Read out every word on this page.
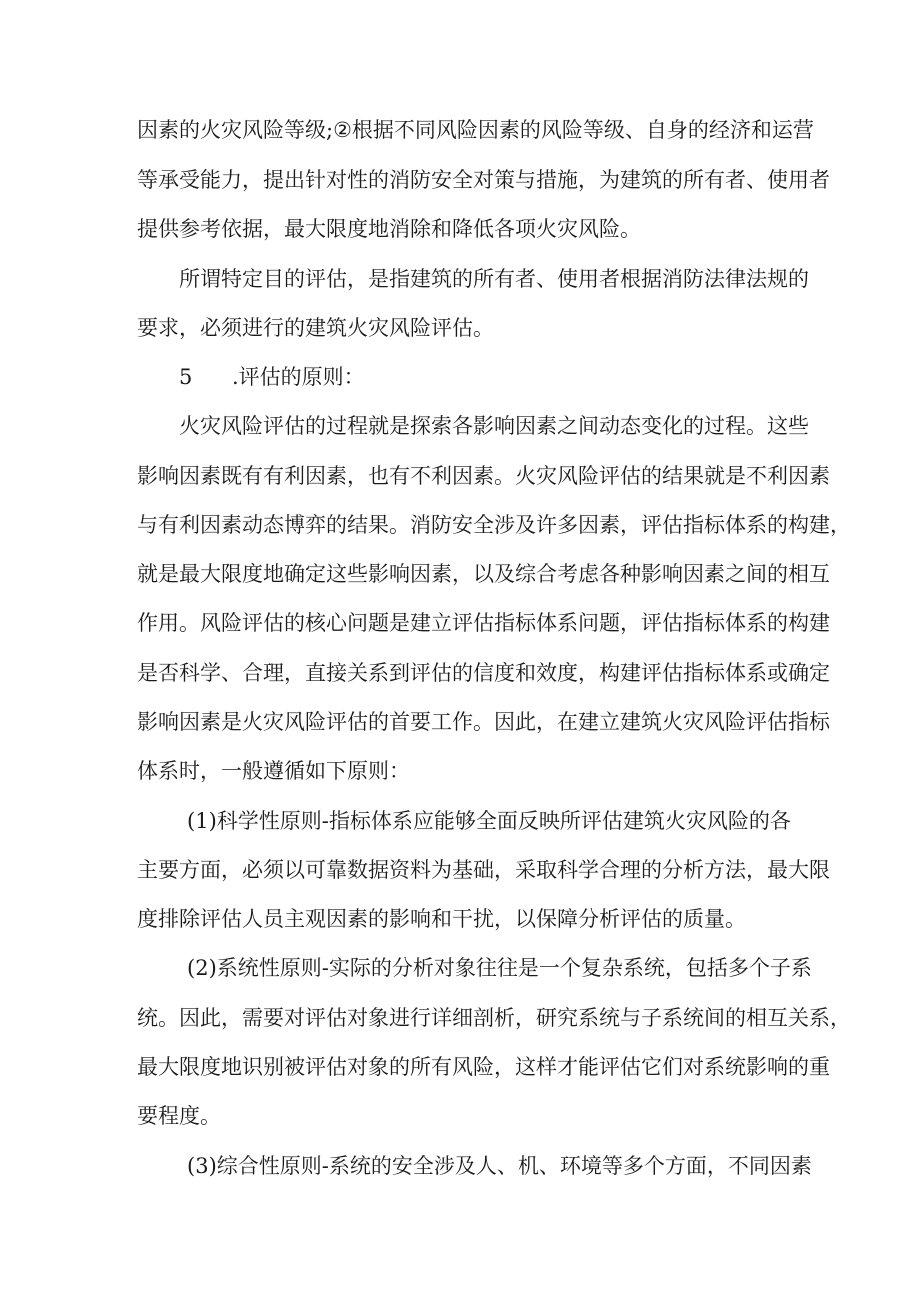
因 素 的 火 灾 风 险 等 级 ; ② 根 据 不 同 风 险 因 素 的 风 险 等 级 、 自 身 的 经 济 和 运 营
等 承 受 能 力 ， 提 出 针 对 性 的 消 防 安 全 对 策 与 措 施 ， 为 建 筑 的 所 有 者 、 使 用 者
提供参考依据，最大限度地消除和降低各项火灾风险。
所谓特定目的评估，是指建筑的所有者、使用者根据消防法律法规的
要求，必须进行的建筑火灾风险评估。
5 .评估的原则：
火 灾 风 险 评 估 的 过 程 就 是 探 索 各 影 响 因 素 之 间 动 态 变 化 的 过 程 。 这 些
影 响 因 素 既 有 有 利 因 素 ， 也 有 不 利 因 素 。 火 灾 风 险 评 估 的 结 果 就 是 不 利 因 素
与 有 利 因 素 动 态 博 弈 的 结 果 。 消 防 安 全 涉 及 许 多 因 素 ， 评 估 指 标 体 系 的 构 建 ，
就 是 最 大 限 度 地 确 定 这 些 影 响 因 素 ， 以 及 综 合 考 虑 各 种 影 响 因 素 之 间 的 相 互
作 用 。 风 险 评 估 的 核 心 问 题 是 建 立 评 估 指 标 体 系 问 题 ， 评 估 指 标 体 系 的 构 建
是 否 科 学 、 合 理 ， 直 接 关 系 到 评 估 的 信 度 和 效 度 ， 构 建 评 估 指 标 体 系 或 确 定
影 响 因 素 是 火 灾 风 险 评 估 的 首 要 工 作 。 因 此 ， 在 建 立 建 筑 火 灾 风 险 评 估 指 标
体系时，一般遵循如下原则：
( 1 ) 科 学 性 原 则 - 指 标 体 系 应 能 够 全 面 反 映 所 评 估 建 筑 火 灾 风 险 的 各
主 要 方 面 ， 必 须 以 可 靠 数 据 资 料 为 基 础 ， 采 取 科 学 合 理 的 分 析 方 法 ， 最 大 限
度排除评估人员主观因素的影响和干扰，以保障分析评估的质量。
( 2 ) 系 统 性 原 则 - 实 际 的 分 析 对 象 往 往 是 一 个 复 杂 系 统 ， 包 括 多 个 子 系
统 。 因 此 ， 需 要 对 评 估 对 象 进 行 详 细 剖 析 ， 研 究 系 统 与 子 系 统 间 的 相 互 关 系 ，
最 大 限 度 地 识 别 被 评 估 对 象 的 所 有 风 险 ， 这 样 才 能 评 估 它 们 对 系 统 影 响 的 重
要程度。
( 3 ) 综 合 性 原 则 - 系 统 的 安 全 涉 及 人 、 机 、 环 境 等 多 个 方 面 ， 不 同 因 素
